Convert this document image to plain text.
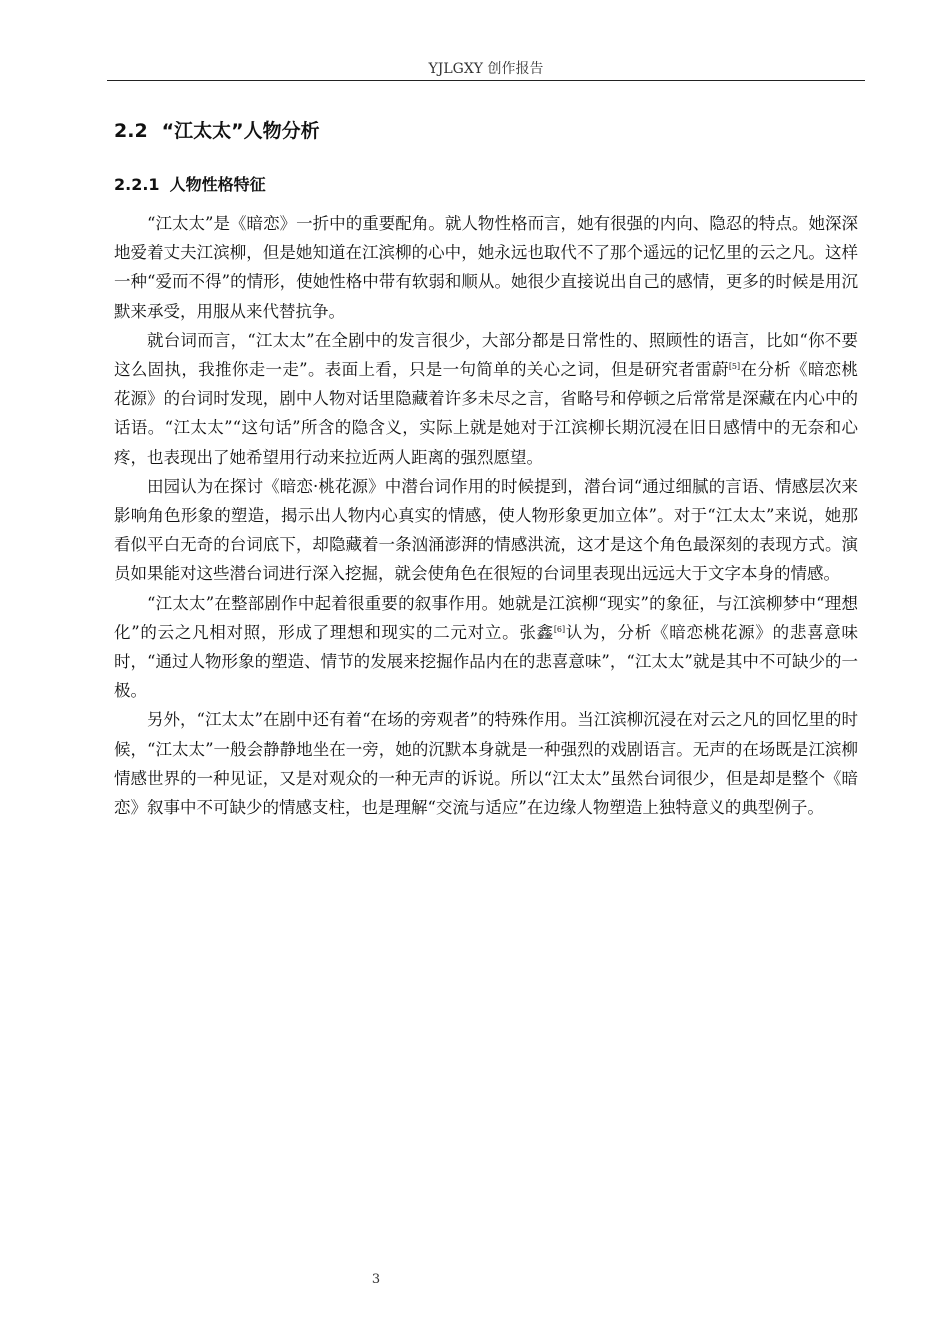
YJLGXY 创作报告
2.2 “江太太”人物分析
2.2.1 人物性格特征

“江太太”是《暗恋》一折中的重要配角。就人物性格而言，她有很强的内向、隐忍的特点。她深深地爱着丈夫江滨柳，但是她知道在江滨柳的心中，她永远也取代不了那个遥远的记忆里的云之凡。这样一种“爱而不得”的情形，使她性格中带有软弱和顺从。她很少直接说出自己的感情，更多的时候是用沉默来承受，用服从来代替抗争。

就台词而言，“江太太”在全剧中的发言很少，大部分都是日常性的、照顾性的语言，比如“你不要这么固执，我推你走一走”。表面上看，只是一句简单的关心之词，但是研究者雷蔚[5]在分析《暗恋桃花源》的台词时发现，剧中人物对话里隐藏着许多未尽之言，省略号和停顿之后常常是深藏在内心中的话语。“江太太”“这句话”所含的隐含义，实际上就是她对于江滨柳长期沉浸在旧日感情中的无奈和心疼，也表现出了她希望用行动来拉近两人距离的强烈愿望。

田园认为在探讨《暗恋·桃花源》中潜台词作用的时候提到，潜台词“通过细腻的言语、情感层次来影响角色形象的塑造，揭示出人物内心真实的情感，使人物形象更加立体”。对于“江太太”来说，她那看似平白无奇的台词底下，却隐藏着一条汹涌澎湃的情感洪流，这才是这个角色最深刻的表现方式。演员如果能对这些潜台词进行深入挖掘，就会使角色在很短的台词里表现出远远大于文字本身的情感。

“江太太”在整部剧作中起着很重要的叙事作用。她就是江滨柳“现实”的象征，与江滨柳梦中“理想化”的云之凡相对照，形成了理想和现实的二元对立。张鑫[6]认为，分析《暗恋桃花源》的悲喜意味时，“通过人物形象的塑造、情节的发展来挖掘作品内在的悲喜意味”，“江太太”就是其中不可缺少的一极。

另外，“江太太”在剧中还有着“在场的旁观者”的特殊作用。当江滨柳沉浸在对云之凡的回忆里的时候，“江太太”一般会静静地坐在一旁，她的沉默本身就是一种强烈的戏剧语言。无声的在场既是江滨柳情感世界的一种见证，又是对观众的一种无声的诉说。所以“江太太”虽然台词很少，但是却是整个《暗恋》叙事中不可缺少的情感支柱，也是理解“交流与适应”在边缘人物塑造上独特意义的典型例子。

3
